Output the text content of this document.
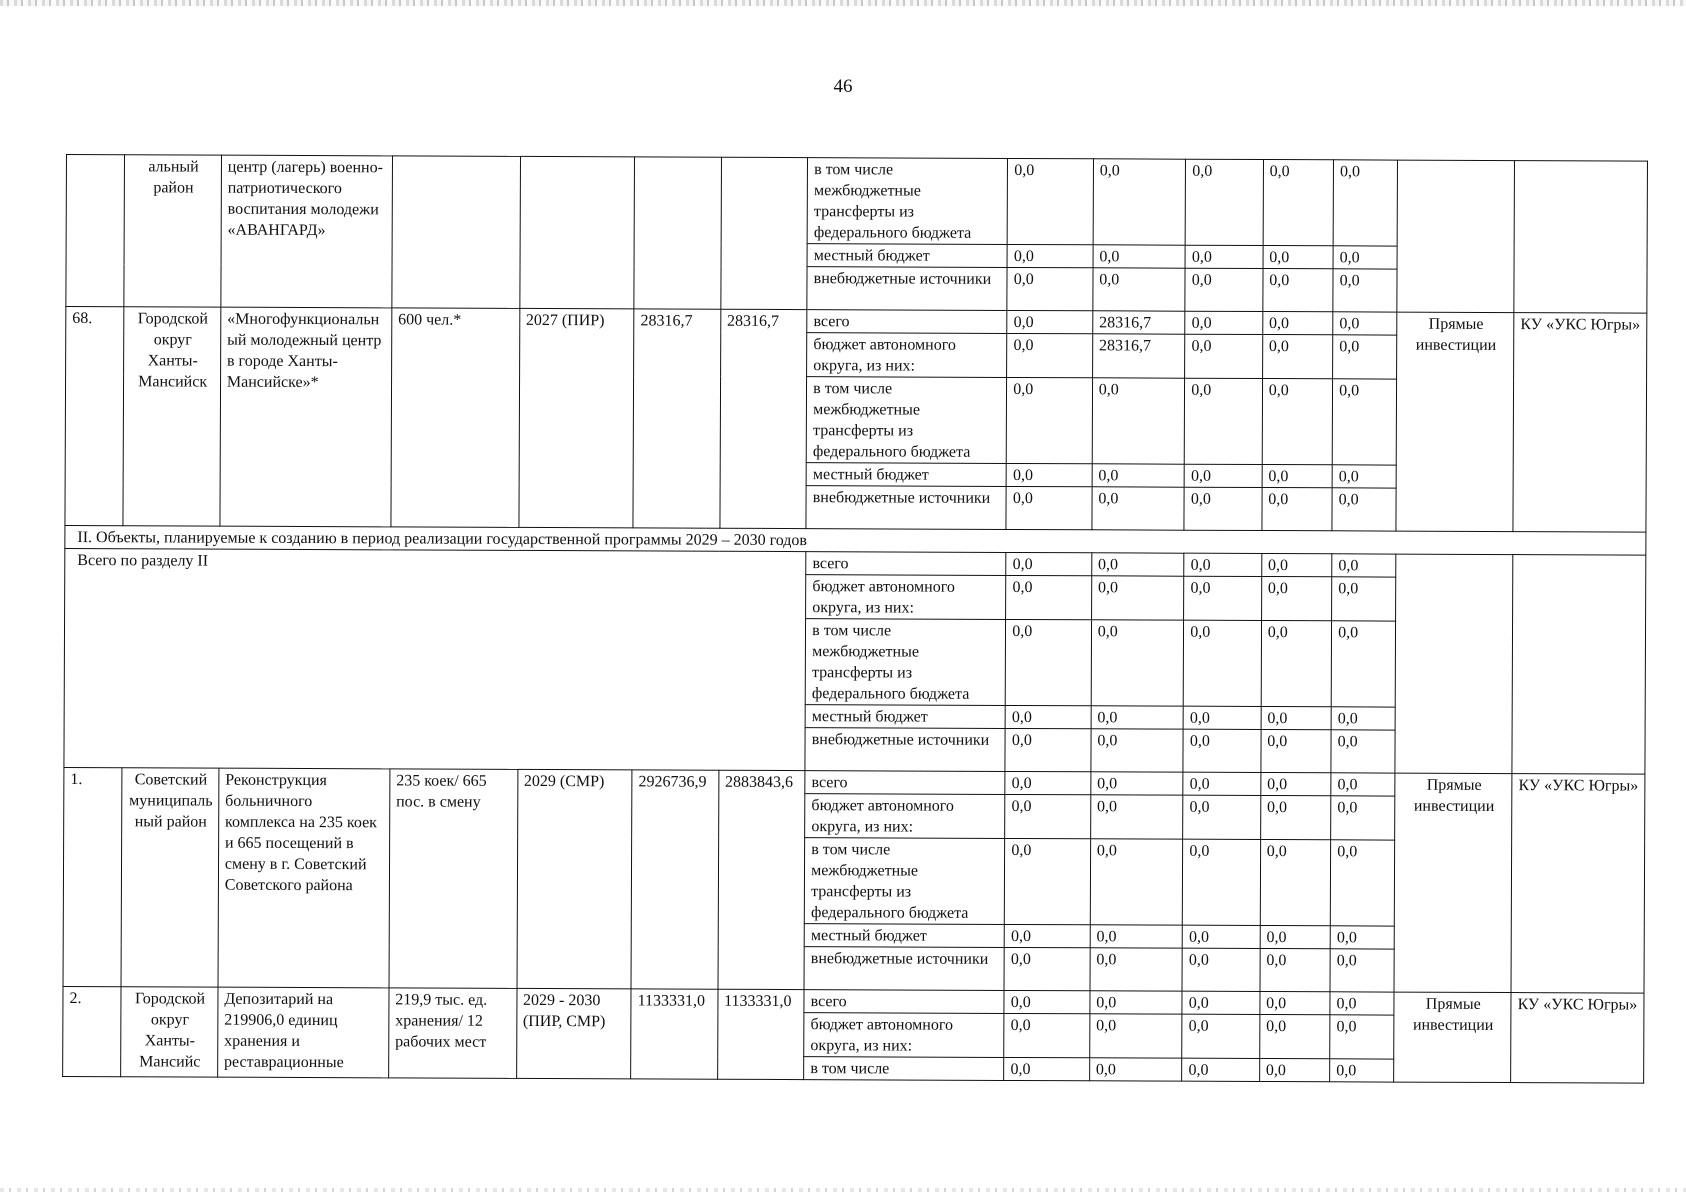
46
	альный район	центр (лагерь) военно-патриотического воспитания молодежи «АВАНГАРД»					в том числе межбюджетные трансферты из федерального бюджета	0,0	0,0	0,0	0,0	0,0		
							местный бюджет	0,0	0,0	0,0	0,0	0,0		
							внебюджетные источники	0,0	0,0	0,0	0,0	0,0		
68.	Городской округ Ханты-Мансийск	«Многофункциональный молодежный центр в городе Ханты-Мансийске»*	600 чел.*	2027 (ПИР)	28316,7	28316,7	всего	0,0	28316,7	0,0	0,0	0,0	Прямые инвестиции	КУ «УКС Югры»
							бюджет автономного округа, из них:	0,0	28316,7	0,0	0,0	0,0		
							в том числе межбюджетные трансферты из федерального бюджета	0,0	0,0	0,0	0,0	0,0		
							местный бюджет	0,0	0,0	0,0	0,0	0,0		
							внебюджетные источники	0,0	0,0	0,0	0,0	0,0		
II. Объекты, планируемые к созданию в период реализации государственной программы 2029 – 2030 годов														
Всего по разделу II							всего	0,0	0,0	0,0	0,0	0,0		
							бюджет автономного округа, из них:	0,0	0,0	0,0	0,0	0,0		
							в том числе межбюджетные трансферты из федерального бюджета	0,0	0,0	0,0	0,0	0,0		
							местный бюджет	0,0	0,0	0,0	0,0	0,0		
							внебюджетные источники	0,0	0,0	0,0	0,0	0,0		
1.	Советский муниципальный район	Реконструкция больничного комплекса на 235 коек и 665 посещений в смену в г. Советский Советского района	235 коек/ 665 пос. в смену	2029 (СМР)	2926736,9	2883843,6	всего	0,0	0,0	0,0	0,0	0,0	Прямые инвестиции	КУ «УКС Югры»
							бюджет автономного округа, из них:	0,0	0,0	0,0	0,0	0,0		
							в том числе межбюджетные трансферты из федерального бюджета	0,0	0,0	0,0	0,0	0,0		
							местный бюджет	0,0	0,0	0,0	0,0	0,0		
							внебюджетные источники	0,0	0,0	0,0	0,0	0,0		
2.	Городской округ Ханты-Мансийс	Депозитарий на 219906,0 единиц хранения и реставрационные	219,9 тыс. ед. хранения/ 12 рабочих мест	2029 - 2030 (ПИР, СМР)	1133331,0	1133331,0	всего	0,0	0,0	0,0	0,0	0,0	Прямые инвестиции	КУ «УКС Югры»
							бюджет автономного округа, из них:	0,0	0,0	0,0	0,0	0,0		
							в том числе	0,0	0,0	0,0	0,0	0,0		
